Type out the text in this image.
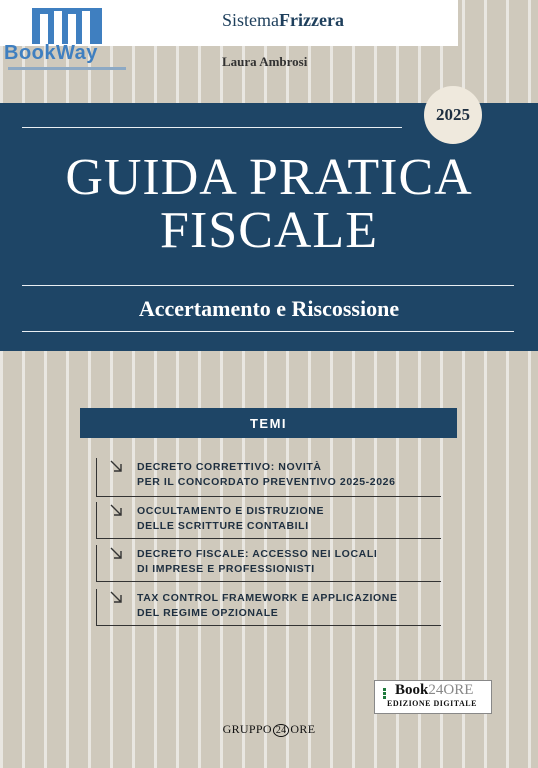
BookWay
SistemaFrizzera
Laura Ambrosi
2025
GUIDA PRATICA
FISCALE
Accertamento e Riscossione
TEMI
DECRETO CORRETTIVO: NOVITÀ
PER IL CONCORDATO PREVENTIVO 2025-2026
OCCULTAMENTO E DISTRUZIONE
DELLE SCRITTURE CONTABILI
DECRETO FISCALE: ACCESSO NEI LOCALI
DI IMPRESE E PROFESSIONISTI
TAX CONTROL FRAMEWORK E APPLICAZIONE
DEL REGIME OPZIONALE
Book24ORE
EDIZIONE DIGITALE
GRUPPO 24 ORE
